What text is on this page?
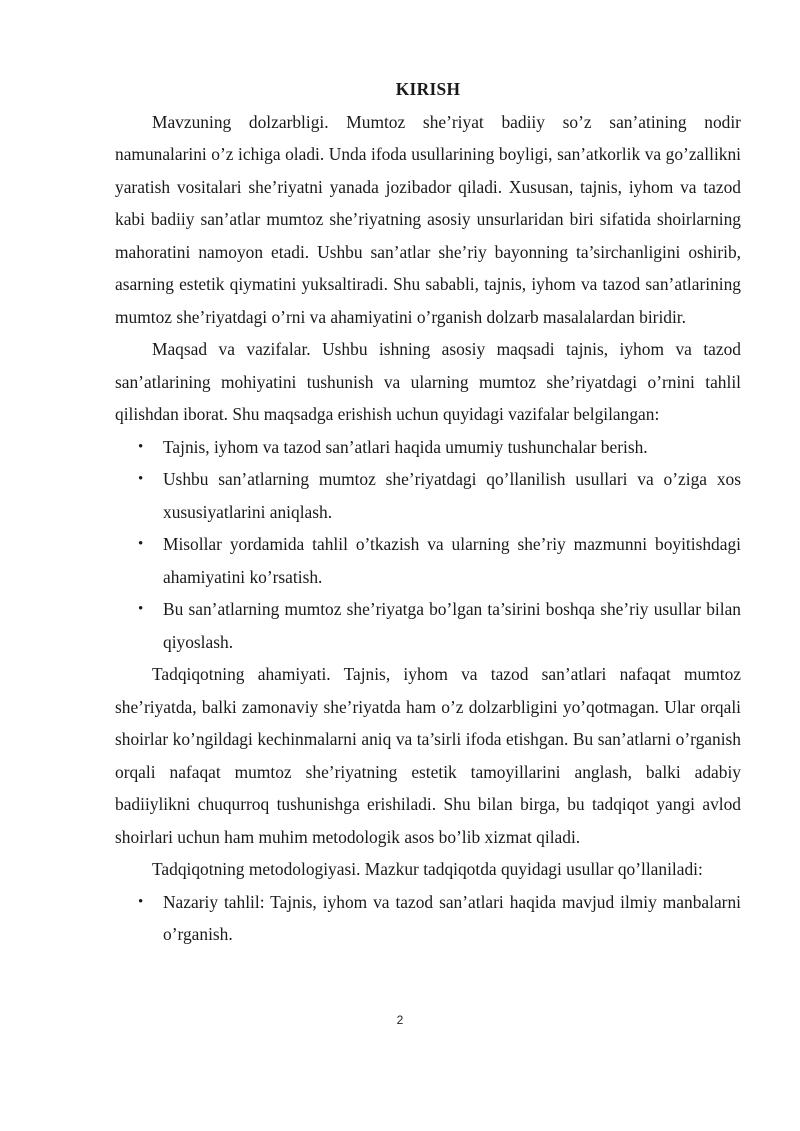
KIRISH

Mavzuning dolzarbligi. Mumtoz she’riyat badiiy so’z san’atining nodir namunalarini o’z ichiga oladi. Unda ifoda usullarining boyligi, san’atkorlik va go’zallikni yaratish vositalari she’riyatni yanada jozibador qiladi. Xususan, tajnis, iyhom va tazod kabi badiiy san’atlar mumtoz she’riyatning asosiy unsurlaridan biri sifatida shoirlarning mahoratini namoyon etadi. Ushbu san’atlar she’riy bayonning ta’sirchanligini oshirib, asarning estetik qiymatini yuksaltiradi. Shu sababli, tajnis, iyhom va tazod san’atlarining mumtoz she’riyatdagi o’rni va ahamiyatini o’rganish dolzarb masalalardan biridir.

Maqsad va vazifalar. Ushbu ishning asosiy maqsadi tajnis, iyhom va tazod san’atlarining mohiyatini tushunish va ularning mumtoz she’riyatdagi o’rnini tahlil qilishdan iborat. Shu maqsadga erishish uchun quyidagi vazifalar belgilangan:

• Tajnis, iyhom va tazod san’atlari haqida umumiy tushunchalar berish.
• Ushbu san’atlarning mumtoz she’riyatdagi qo’llanilish usullari va o’ziga xos xususiyatlarini aniqlash.
• Misollar yordamida tahlil o’tkazish va ularning she’riy mazmunni boyitishdagi ahamiyatini ko’rsatish.
• Bu san’atlarning mumtoz she’riyatga bo’lgan ta’sirini boshqa she’riy usullar bilan qiyoslash.

Tadqiqotning ahamiyati. Tajnis, iyhom va tazod san’atlari nafaqat mumtoz she’riyatda, balki zamonaviy she’riyatda ham o’z dolzarbligini yo’qotmagan. Ular orqali shoirlar ko’ngildagi kechinmalarni aniq va ta’sirli ifoda etishgan. Bu san’atlarni o’rganish orqali nafaqat mumtoz she’riyatning estetik tamoyillarini anglash, balki adabiy badiiylikni chuqurroq tushunishga erishiladi. Shu bilan birga, bu tadqiqot yangi avlod shoirlari uchun ham muhim metodologik asos bo’lib xizmat qiladi.

Tadqiqotning metodologiyasi. Mazkur tadqiqotda quyidagi usullar qo’llaniladi:

• Nazariy tahlil: Tajnis, iyhom va tazod san’atlari haqida mavjud ilmiy manbalarni o’rganish.
2
